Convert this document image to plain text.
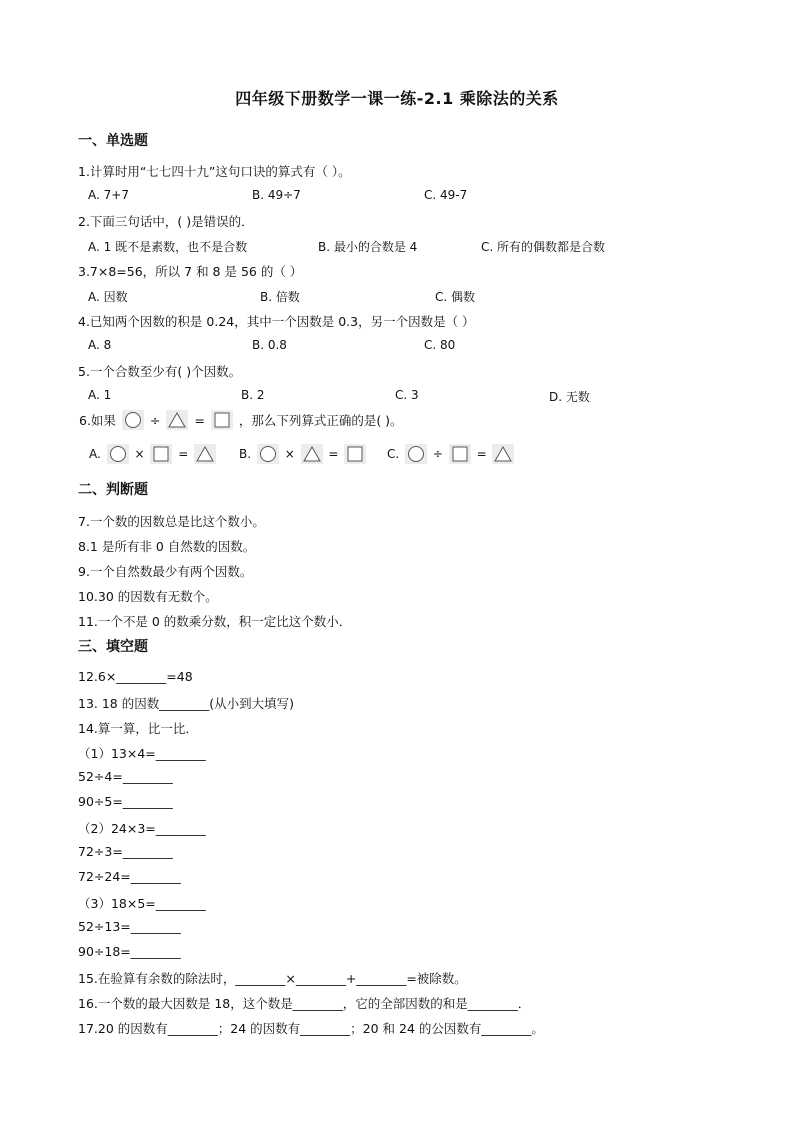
四年级下册数学一课一练-2.1 乘除法的关系
一、单选题
1.计算时用“七七四十九”这句口诀的算式有（ ）。
A. 7+7	B. 49÷7	C. 49-7
2.下面三句话中，( )是错误的．
A. 1 既不是素数，也不是合数	B. 最小的合数是 4	C. 所有的偶数都是合数
3.7×8=56，所以 7 和 8 是 56 的（ ）
A. 因数	B. 倍数	C. 偶数
4.已知两个因数的积是 0.24，其中一个因数是 0.3，另一个因数是（ ）
A. 8	B. 0.8	C. 80
5.一个合数至少有( )个因数。
A. 1	B. 2	C. 3	D. 无数
6.如果	÷	=	，那么下列算式正确的是( )。
A.	×	=	B.	×	=	C.	÷	=
二、判断题
7.一个数的因数总是比这个数小。
8.1 是所有非 0 自然数的因数。
9.一个自然数最少有两个因数。
10.30 的因数有无数个。
11.一个不是 0 的数乘分数，积一定比这个数小．
三、填空题
12.6×________=48
13. 18 的因数________(从小到大填写)
14.算一算，比一比．
（1）13×4=________
52÷4=________
90÷5=________
（2）24×3=________
72÷3=________
72÷24=________
（3）18×5=________
52÷13=________
90÷18=________
15.在验算有余数的除法时，________×________+________=被除数。
16.一个数的最大因数是 18，这个数是________，它的全部因数的和是________．
17.20 的因数有________；24 的因数有________；20 和 24 的公因数有________。
